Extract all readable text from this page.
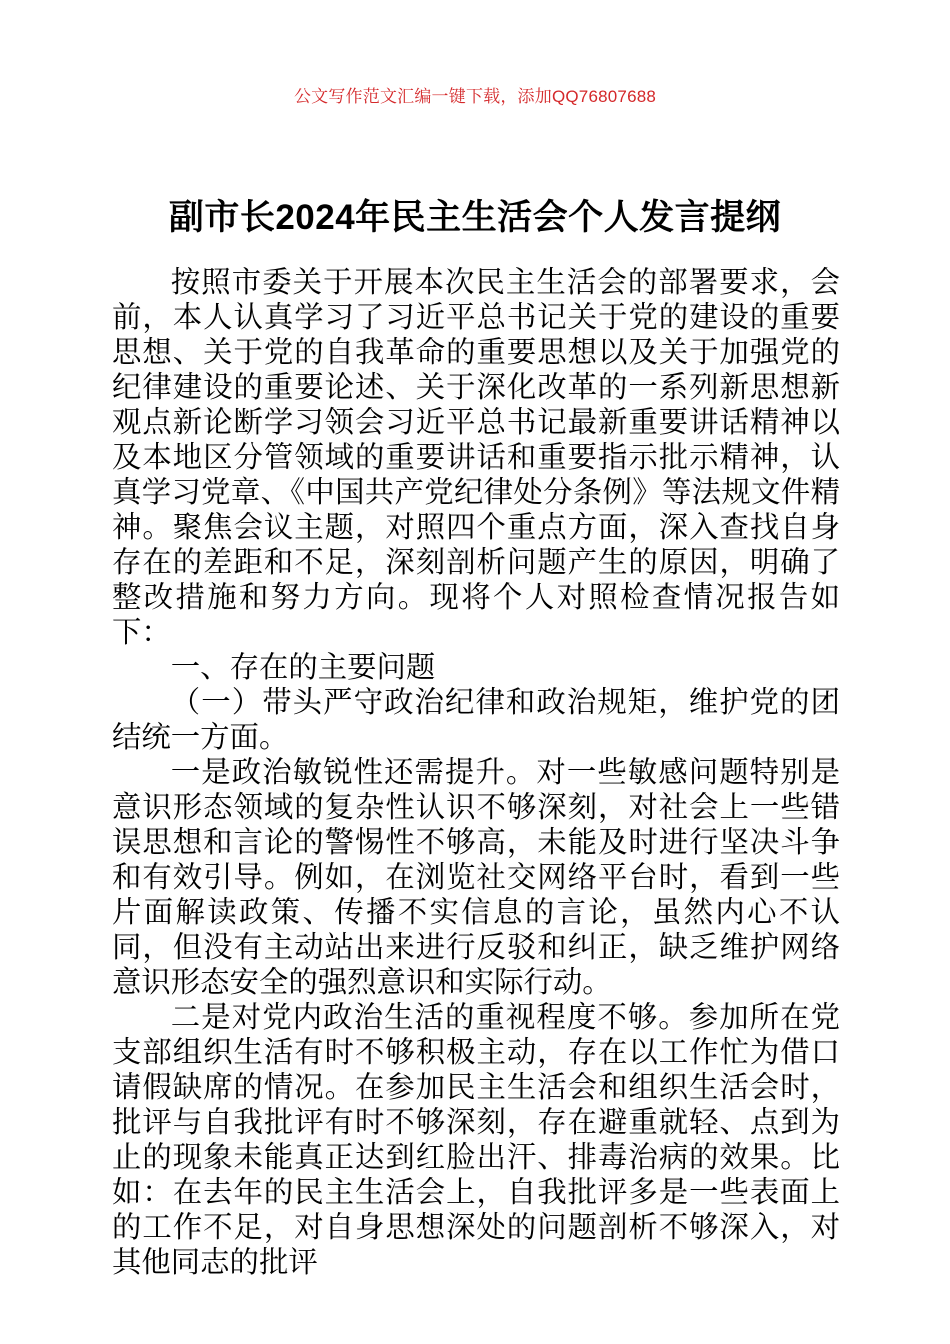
公文写作范文汇编一键下载，添加QQ76807688
副市长2024年民主生活会个人发言提纲

按照市委关于开展本次民主生活会的部署要求，会前，本人认真学习了习近平总书记关于党的建设的重要思想、关于党的自我革命的重要思想以及关于加强党的纪律建设的重要论述、关于深化改革的一系列新思想新观点新论断学习领会习近平总书记最新重要讲话精神以及本地区分管领域的重要讲话和重要指示批示精神，认真学习党章、《中国共产党纪律处分条例》等法规文件精神。聚焦会议主题，对照四个重点方面，深入查找自身存在的差距和不足，深刻剖析问题产生的原因，明确了整改措施和努力方向。现将个人对照检查情况报告如下：

一、存在的主要问题

（一）带头严守政治纪律和政治规矩，维护党的团结统一方面。

一是政治敏锐性还需提升。对一些敏感问题特别是意识形态领域的复杂性认识不够深刻，对社会上一些错误思想和言论的警惕性不够高，未能及时进行坚决斗争和有效引导。例如，在浏览社交网络平台时，看到一些片面解读政策、传播不实信息的言论，虽然内心不认同，但没有主动站出来进行反驳和纠正，缺乏维护网络意识形态安全的强烈意识和实际行动。

二是对党内政治生活的重视程度不够。参加所在党支部组织生活有时不够积极主动，存在以工作忙为借口请假缺席的情况。在参加民主生活会和组织生活会时，批评与自我批评有时不够深刻，存在避重就轻、点到为止的现象未能真正达到红脸出汗、排毒治病的效果。比如：在去年的民主生活会上，自我批评多是一些表面上的工作不足，对自身思想深处的问题剖析不够深入，对其他同志的批评
